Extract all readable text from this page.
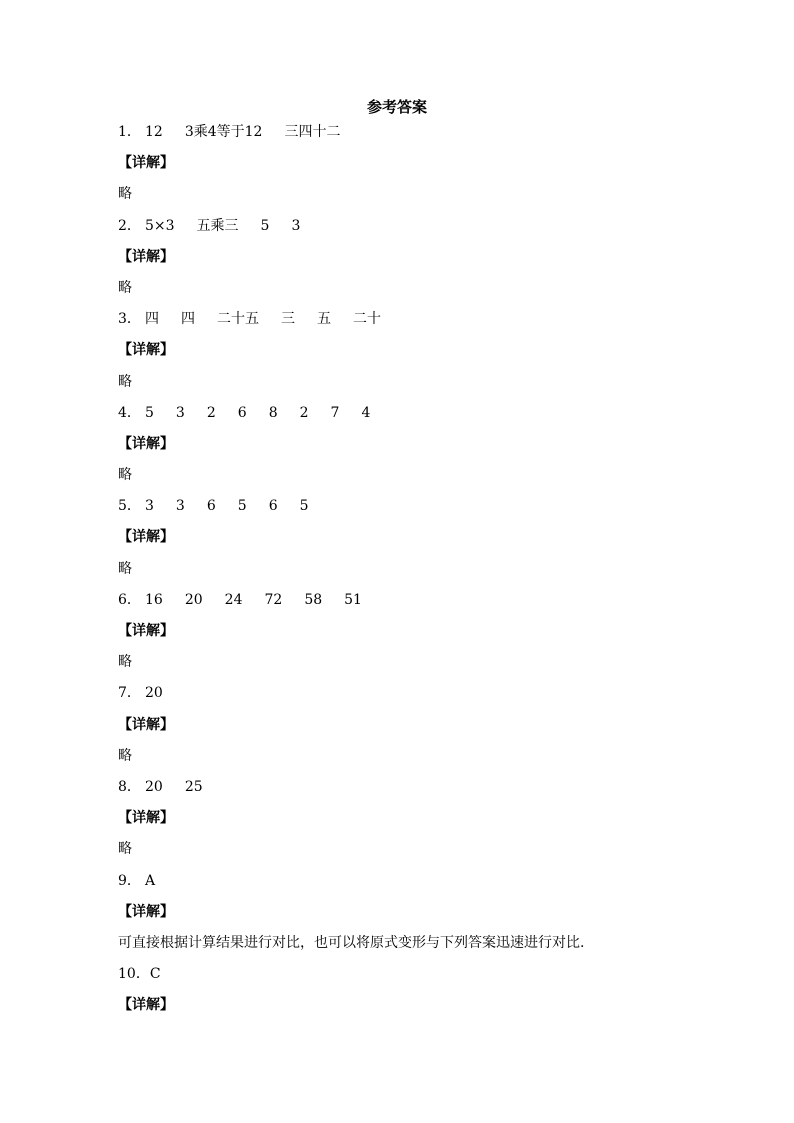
参考答案
1． 12 3乘4等于12 三四十二
【详解】
略
2． 5×3 五乘三 5 3
【详解】
略
3． 四 四 二十五 三 五 二十
【详解】
略
4． 5 3 2 6 8 2 7 4
【详解】
略
5． 3 3 6 5 6 5
【详解】
略
6． 16 20 24 72 58 51
【详解】
略
7． 20
【详解】
略
8． 20 25
【详解】
略
9． A
【详解】
可直接根据计算结果进行对比，也可以将原式变形与下列答案迅速进行对比.
10．C
【详解】
